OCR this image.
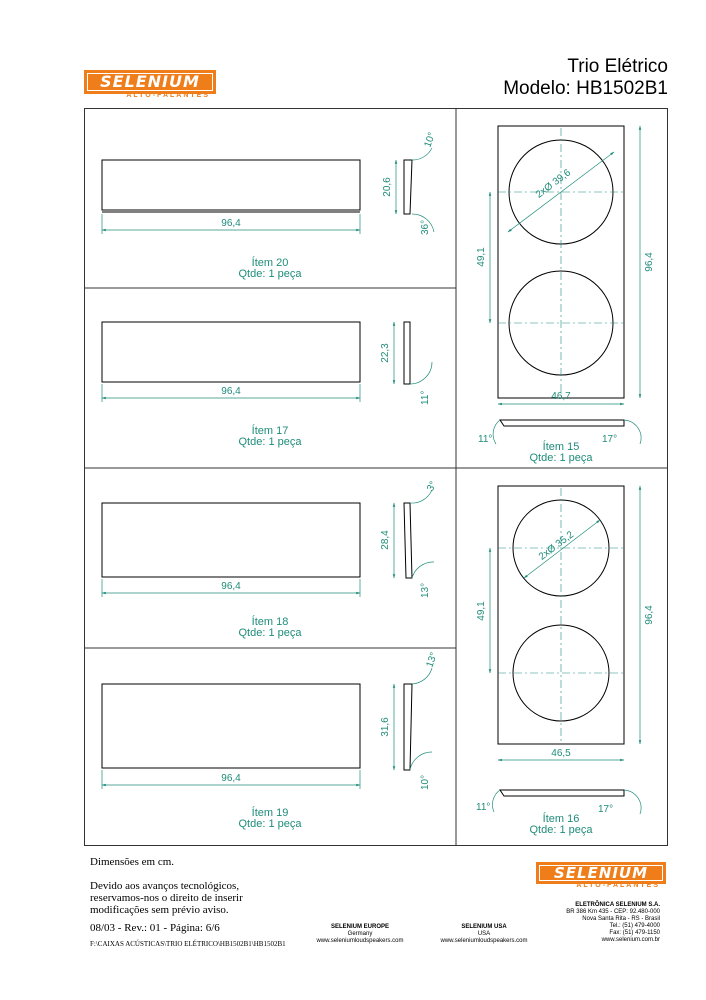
Trio Elétrico
Modelo: HB1502B1
SELENIUM
ALTO-FALANTES
96,4
20,6
10°
36°
96,4
22,3
11°
96,4
28,4
3°
13°
96,4
31,6
13°
10°
2xØ 39,6
49,1	96,4
46,7
11°	17°
2xØ 35,2
49,1	96,4
46,5
11°	17°
Ítem 20
Qtde: 1 peça
Ítem 17
Qtde: 1 peça
Ítem 18
Qtde: 1 peça
Ítem 19
Qtde: 1 peça
Ítem 15
Qtde: 1 peça
Ítem 16
Qtde: 1 peça
Dimensões em cm.
Devido aos avanços tecnológicos,
reservamos-nos o direito de inserir
modificações sem prévio aviso.
08/03 - Rev.: 01 - Página: 6/6
F:\CAIXAS ACÚSTICAS\TRIO ELÉTRICO\HB1502B1\HB1502B1
SELENIUM EUROPE
Germany
www.seleniumloudspeakers.com
SELENIUM USA
USA
www.seleniumloudspeakers.com
SELENIUM
ALTO-FALANTES
ELETRÔNICA SELENIUM S.A.
BR 386 Km 435 - CEP: 92.480-000
Nova Santa Rita - RS - Brasil
Tel.: (51) 479-4000
Fax: (51) 479-1150
www.selenium.com.br
